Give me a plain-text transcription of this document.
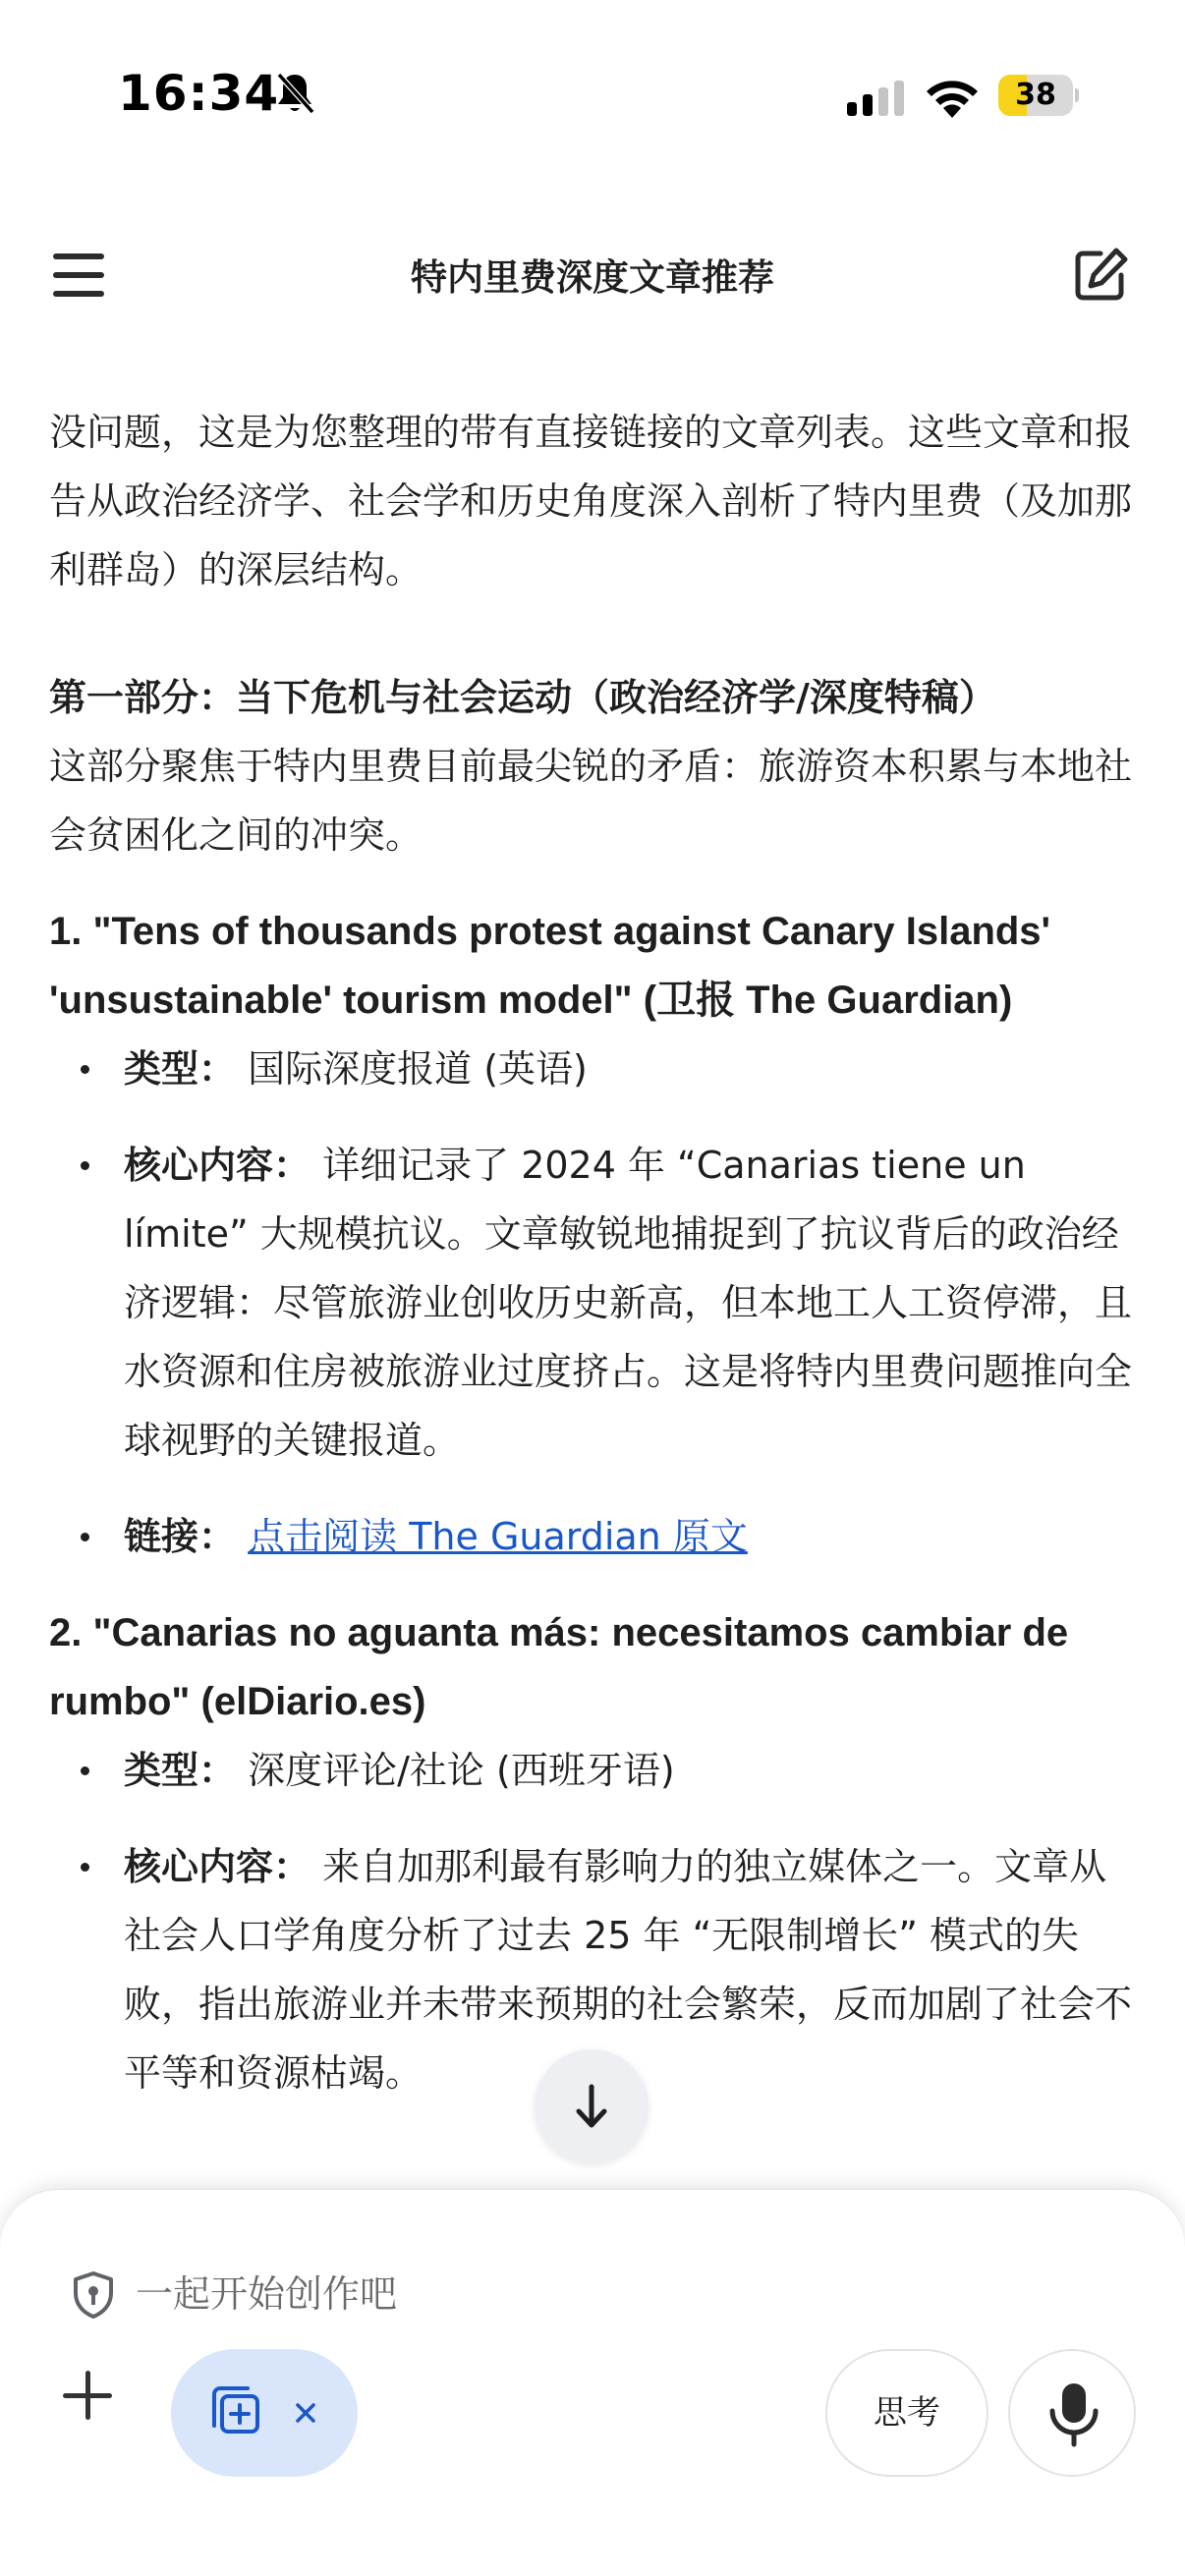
16:34	38
特内里费深度文章推荐
没问题，这是为您整理的带有直接链接的文章列表。这些文章和报告从政治经济学、社会学和历史角度深入剖析了特内里费（及加那利群岛）的深层结构。
第一部分：当下危机与社会运动（政治经济学/深度特稿）
这部分聚焦于特内里费目前最尖锐的矛盾：旅游资本积累与本地社会贫困化之间的冲突。
1. "Tens of thousands protest against Canary Islands' 'unsustainable' tourism model" (卫报 The Guardian)
类型： 国际深度报道 (英语)
核心内容： 详细记录了 2024 年 “Canarias tiene un límite” 大规模抗议。文章敏锐地捕捉到了抗议背后的政治经济逻辑：尽管旅游业创收历史新高，但本地工人工资停滞，且水资源和住房被旅游业过度挤占。这是将特内里费问题推向全球视野的关键报道。
链接： 点击阅读 The Guardian 原文
2. "Canarias no aguanta más: necesitamos cambiar de rumbo" (elDiario.es)
类型： 深度评论/社论 (西班牙语)
核心内容： 来自加那利最有影响力的独立媒体之一。文章从社会人口学角度分析了过去 25 年 “无限制增长” 模式的失败，指出旅游业并未带来预期的社会繁荣，反而加剧了社会不平等和资源枯竭。
一起开始创作吧
思考
